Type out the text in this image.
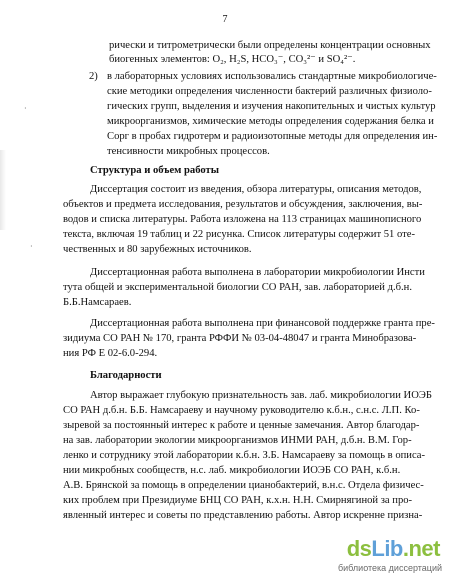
7
·
·
рически и титрометрически были определены концентрации основных
биогенных элементов: O₂, H₂S, HCO₃⁻, CO₃²⁻ и SO₄²⁻.
2) в лабораторных условиях использовались стандартные микробиологиче-
ские методики определения численности бактерий различных физиоло-
гических групп, выделения и изучения накопительных и чистых культур
микроорганизмов, химические методы определения содержания белка и
Cорг в пробах гидротерм и радиоизотопные методы для определения ин-
тенсивности микробных процессов.
Структура и объем работы
Диссертация состоит из введения, обзора литературы, описания методов,
объектов и предмета исследования, результатов и обсуждения, заключения, вы-
водов и списка литературы. Работа изложена на 113 страницах машинописного
текста, включая 19 таблиц и 22 рисунка. Список литературы содержит 51 оте-
чественных и 80 зарубежных источников.
Диссертационная работа выполнена в лаборатории микробиологии Инсти
тута общей и экспериментальной биологии СО РАН, зав. лабораторией д.б.н.
Б.Б.Намсараев.
Диссертационная работа выполнена при финансовой поддержке гранта пре-
зидиума СО РАН № 170, гранта РФФИ № 03-04-48047 и гранта Минобразова-
ния РФ Е 02-6.0-294.
Благодарности
Автор выражает глубокую признательность зав. лаб. микробиологии ИОЭБ
СО РАН д.б.н. Б.Б. Намсараеву и научному руководителю к.б.н., с.н.с. Л.П. Ко-
зыревой за постоянный интерес к работе и ценные замечания. Автор благодар-
на зав. лаборатории экологии микроорганизмов ИНМИ РАН, д.б.н. В.М. Гор-
ленко и сотруднику этой лаборатории к.б.н. З.Б. Намсараеву за помощь в описа-
нии микробных сообществ, н.с. лаб. микробиологии ИОЭБ СО РАН, к.б.н.
А.В. Брянской за помощь в определении цианобактерий, в.н.с. Отдела физичес-
ких проблем при Президиуме БНЦ СО РАН, к.х.н. Н.Н. Смирнягиной за про-
явленный интерес и советы по представлению работы. Автор искренне призна-
dsLib.net
библиотека диссертаций
